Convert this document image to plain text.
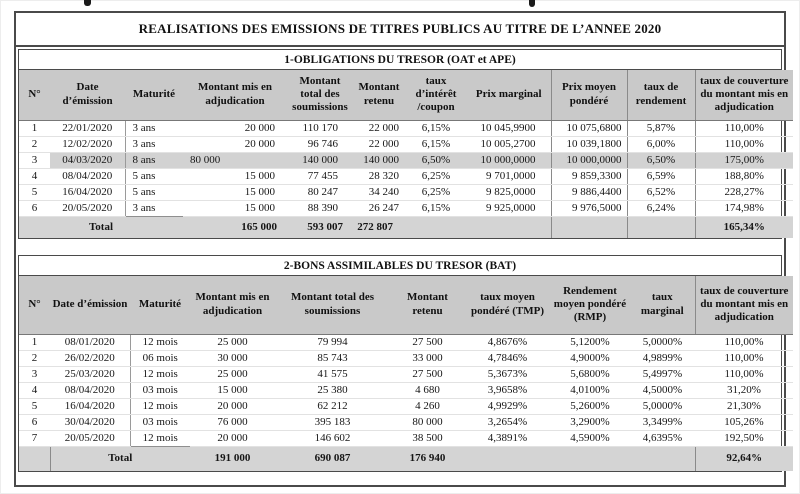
REALISATIONS DES EMISSIONS DE TITRES PUBLICS AU TITRE DE L’ANNEE 2020
1-OBLIGATIONS DU TRESOR (OAT et APE)
N°	Date d’émission	Maturité	Montant mis en adjudication	Montant total des soumissions	Montant retenu	taux d’intérêt /coupon	Prix marginal	Prix moyen pondéré	taux de rendement	taux de couverture du montant mis en adjudication
1	22/01/2020	3 ans	20 000	110 170	22 000	6,15%	10 045,9900	10 075,6800	5,87%	110,00%
2	12/02/2020	3 ans	20 000	96 746	22 000	6,15%	10 005,2700	10 039,1800	6,00%	110,00%
3	04/03/2020	8 ans	80 000	140 000	140 000	6,50%	10 000,0000	10 000,0000	6,50%	175,00%
4	08/04/2020	5 ans	15 000	77 455	28 320	6,25%	9 701,0000	9 859,3300	6,59%	188,80%
5	16/04/2020	5 ans	15 000	80 247	34 240	6,25%	9 825,0000	9 886,4400	6,52%	228,27%
6	20/05/2020	3 ans	15 000	88 390	26 247	6,15%	9 925,0000	9 976,5000	6,24%	174,98%
Total			165 000	593 007	272 807					165,34%
2-BONS ASSIMILABLES DU TRESOR (BAT)
N°	Date d’émission	Maturité	Montant mis en adjudication	Montant total des soumissions	Montant retenu	taux moyen pondéré (TMP)	Rendement moyen pondéré (RMP)	taux marginal	taux de couverture du montant mis en adjudication
1	08/01/2020	12 mois	25 000	79 994	27 500	4,8676%	5,1200%	5,0000%	110,00%
2	26/02/2020	06 mois	30 000	85 743	33 000	4,7846%	4,9000%	4,9899%	110,00%
3	25/03/2020	12 mois	25 000	41 575	27 500	5,3673%	5,6800%	5,4997%	110,00%
4	08/04/2020	03 mois	15 000	25 380	4 680	3,9658%	4,0100%	4,5000%	31,20%
5	16/04/2020	12 mois	20 000	62 212	4 260	4,9929%	5,2600%	5,0000%	21,30%
6	30/04/2020	03 mois	76 000	395 183	80 000	3,2654%	3,2900%	3,3499%	105,26%
7	20/05/2020	12 mois	20 000	146 602	38 500	4,3891%	4,5900%	4,6395%	192,50%
	Total		191 000	690 087	176 940				92,64%
